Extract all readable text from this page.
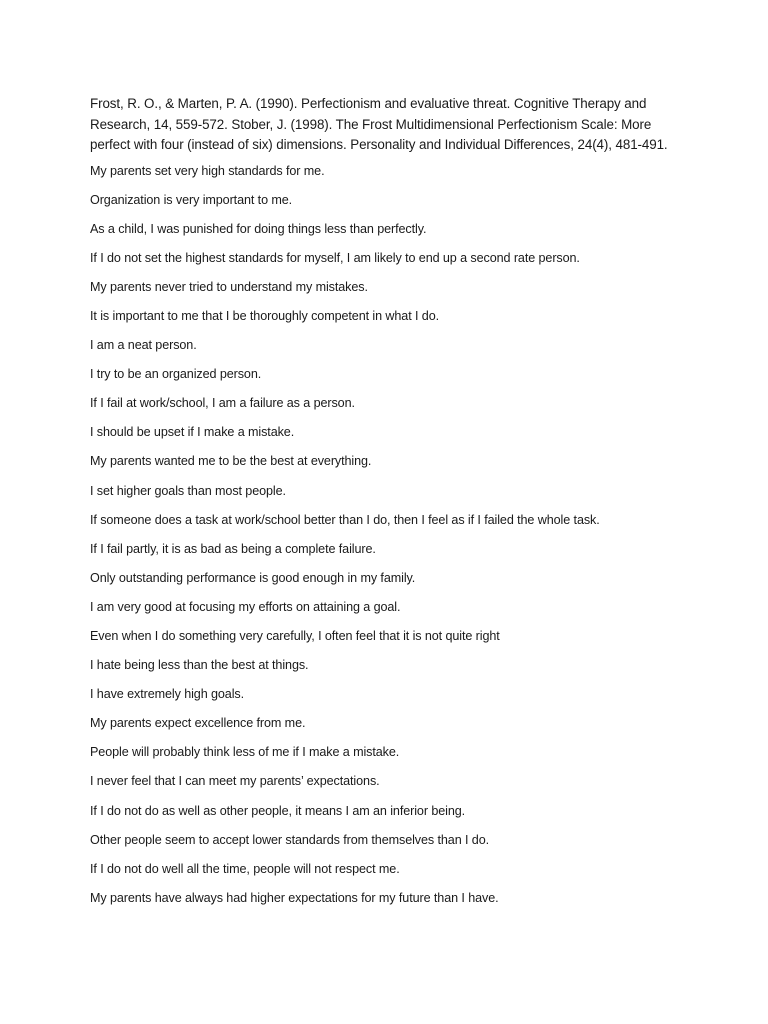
Frost, R. O., & Marten, P. A. (1990). Perfectionism and evaluative threat. Cognitive Therapy and Research, 14, 559-572. Stober, J. (1998). The Frost Multidimensional Perfectionism Scale: More perfect with four (instead of six) dimensions. Personality and Individual Differences, 24(4), 481-491.

My parents set very high standards for me.
Organization is very important to me.
As a child, I was punished for doing things less than perfectly.
If I do not set the highest standards for myself, I am likely to end up a second rate person.
My parents never tried to understand my mistakes.
It is important to me that I be thoroughly competent in what I do.
I am a neat person.
I try to be an organized person.
If I fail at work/school, I am a failure as a person.
I should be upset if I make a mistake.
My parents wanted me to be the best at everything.
I set higher goals than most people.
If someone does a task at work/school better than I do, then I feel as if I failed the whole task.
If I fail partly, it is as bad as being a complete failure.
Only outstanding performance is good enough in my family.
I am very good at focusing my efforts on attaining a goal.
Even when I do something very carefully, I often feel that it is not quite right
I hate being less than the best at things.
I have extremely high goals.
My parents expect excellence from me.
People will probably think less of me if I make a mistake.
I never feel that I can meet my parents’ expectations.
If I do not do as well as other people, it means I am an inferior being.
Other people seem to accept lower standards from themselves than I do.
If I do not do well all the time, people will not respect me.
My parents have always had higher expectations for my future than I have.
